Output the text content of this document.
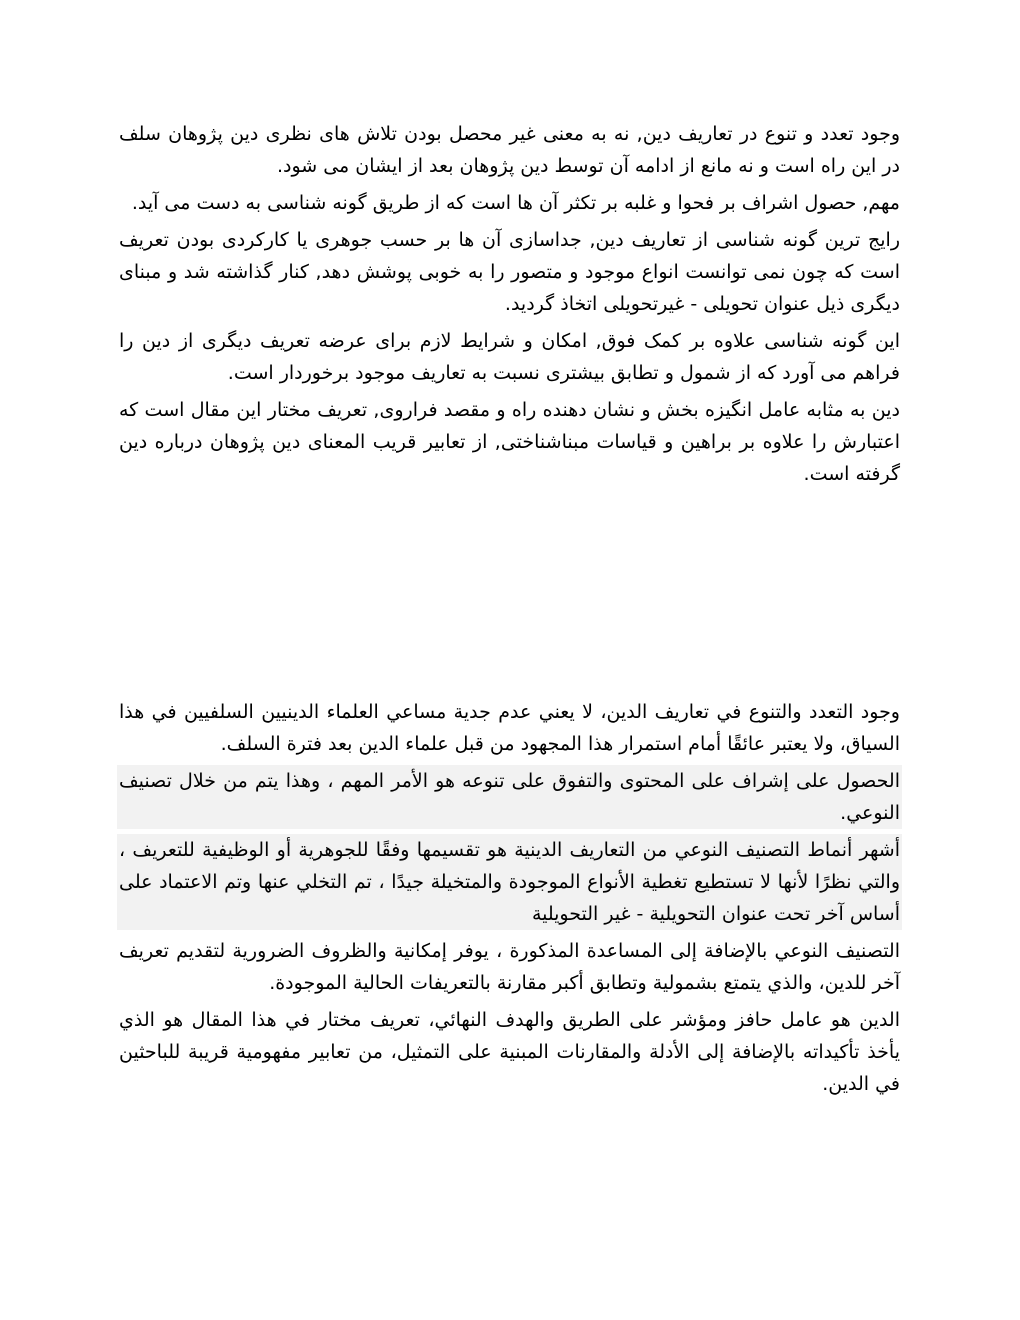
وجود تعدد و تنوع در تعاریف دین, نه به معنی غیر محصل بودن تلاش های نظری دین پژوهان سلف در این راه است و نه مانع از ادامه آن توسط دین پژوهان بعد از ایشان می شود.

مهم, حصول اشراف بر فحوا و غلبه بر تکثر آن ها است که از طریق گونه شناسی به دست می آید.

رایج ترین گونه شناسی از تعاریف دین, جداسازی آن ها بر حسب جوهری یا کارکردی بودن تعریف است که چون نمی توانست انواع موجود و متصور را به خوبی پوشش دهد, کنار گذاشته شد و مبنای دیگری ذیل عنوان تحویلی - غیرتحویلی اتخاذ گردید.

این گونه شناسی علاوه بر کمک فوق, امکان و شرایط لازم برای عرضه تعریف دیگری از دین را فراهم می آورد که از شمول و تطابق بیشتری نسبت به تعاریف موجود برخوردار است.

دین به مثابه عامل انگیزه بخش و نشان دهنده راه و مقصد فراروی, تعریف مختار این مقال است که اعتبارش را علاوه بر براهین و قیاسات مبناشناختی, از تعابیر قریب المعنای دین پژوهان درباره دین گرفته است.

وجود التعدد والتنوع في تعاريف الدين، لا يعني عدم جدية مساعي العلماء الدينيين السلفيين في هذا السياق، ولا يعتبر عائقًا أمام استمرار هذا المجهود من قبل علماء الدين بعد فترة السلف.

الحصول على إشراف على المحتوى والتفوق على تنوعه هو الأمر المهم ، وهذا يتم من خلال تصنيف النوعي.

أشهر أنماط التصنيف النوعي من التعاريف الدينية هو تقسيمها وفقًا للجوهرية أو الوظيفية للتعريف ، والتي نظرًا لأنها لا تستطيع تغطية الأنواع الموجودة والمتخيلة جيدًا ، تم التخلي عنها وتم الاعتماد على أساس آخر تحت عنوان التحويلية - غير التحويلية

التصنيف النوعي بالإضافة إلى المساعدة المذكورة ، يوفر إمكانية والظروف الضرورية لتقديم تعريف آخر للدين، والذي يتمتع بشمولية وتطابق أكبر مقارنة بالتعريفات الحالية الموجودة.

الدين هو عامل حافز ومؤشر على الطريق والهدف النهائي، تعريف مختار في هذا المقال هو الذي يأخذ تأكيداته بالإضافة إلى الأدلة والمقارنات المبنية على التمثيل، من تعابير مفهومية قريبة للباحثين في الدين.
